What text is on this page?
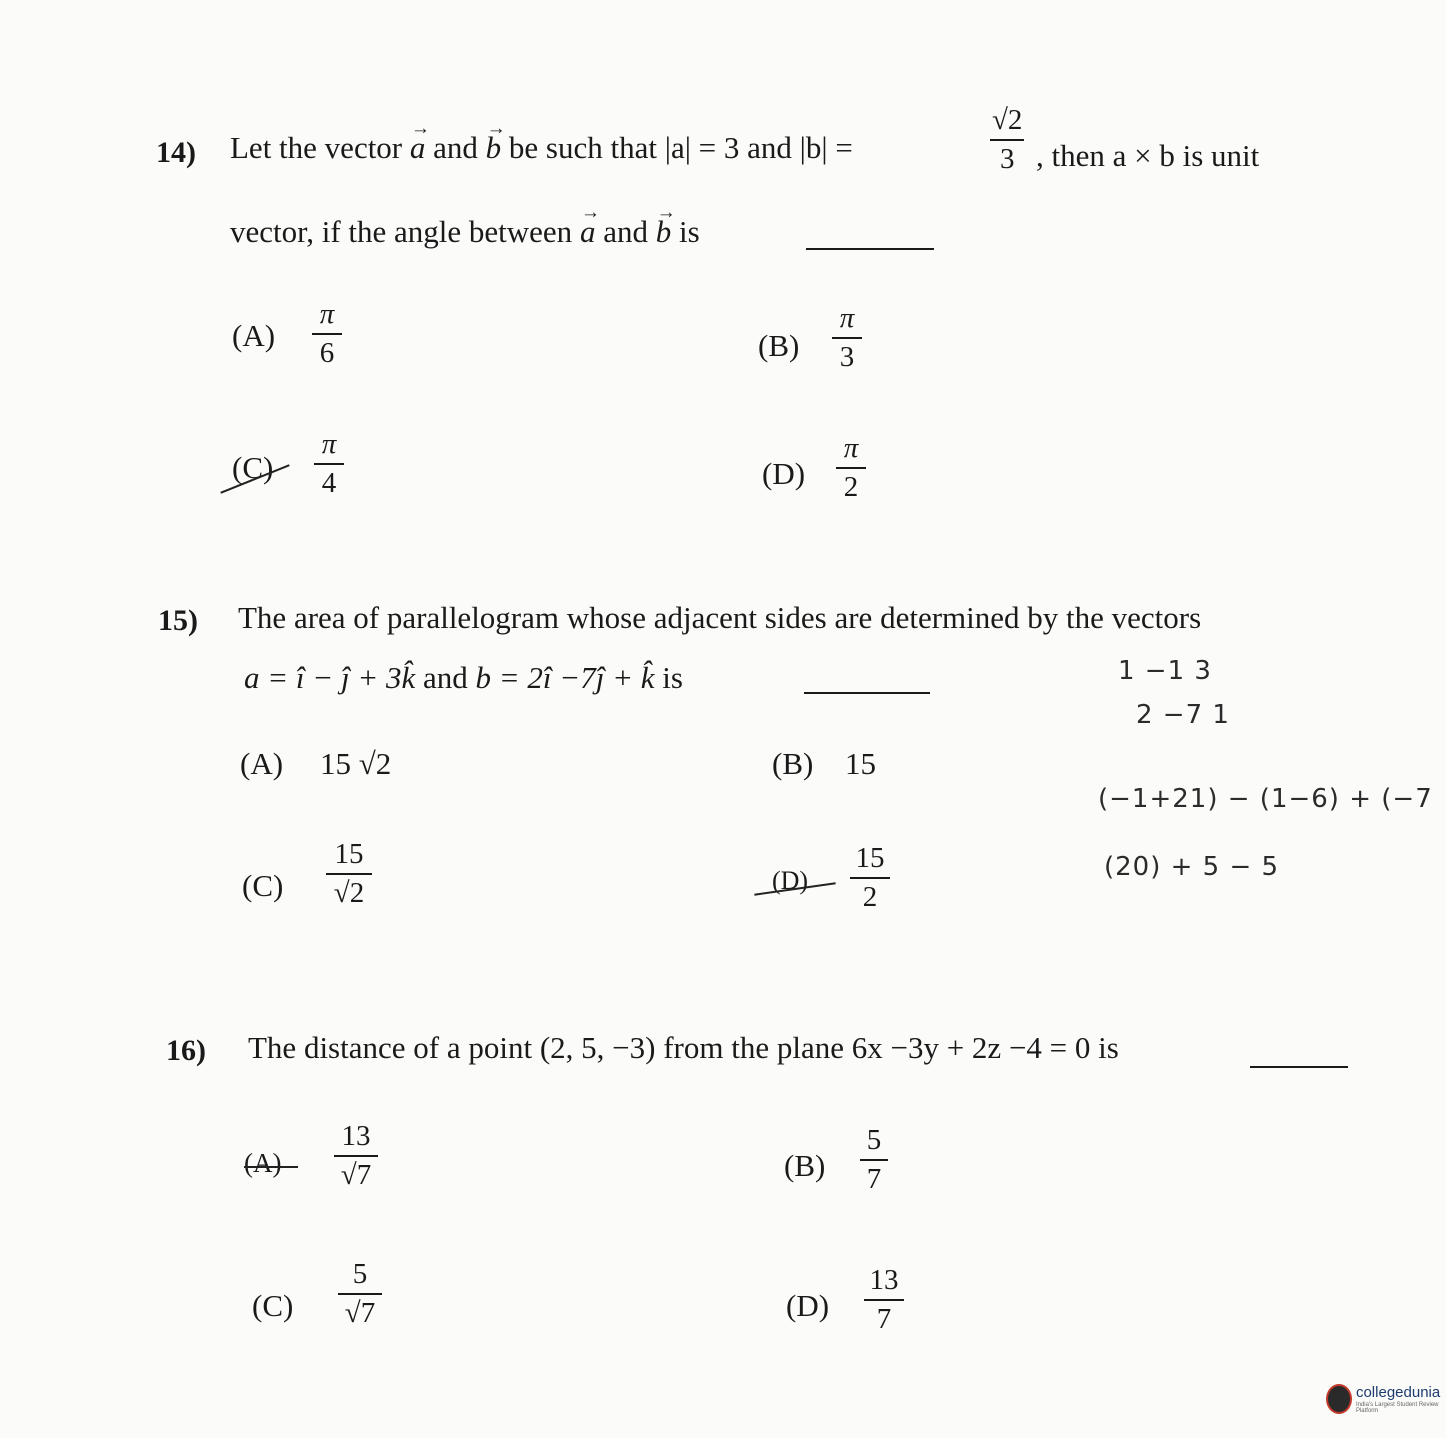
14) Let the vector → a and → b be such that |a| = 3 and |b| =
√2
3 , then a × b is unit
vector, if the angle between → a and → b is
(A)
π
6	(B)
π
3
(C)
π
4	(D)
π
2
15) The area of parallelogram whose adjacent sides are determined by the vectors
a = î − ĵ + 3k̂ and b = 2î −7ĵ + k̂ is
(A) 15 √2	(B) 15
(C)
15
√2	(D)
15
2
1 −1 3
2 −7 1
(−1+21) − (1−6) + (−7
(20) + 5 − 5
16) The distance of a point (2, 5, −3) from the plane 6x −3y + 2z −4 = 0 is
(A)
13
√7	(B)
5
7
(C)
5
√7	(D)
13
7
collegedunia
India's Largest Student Review Platform
